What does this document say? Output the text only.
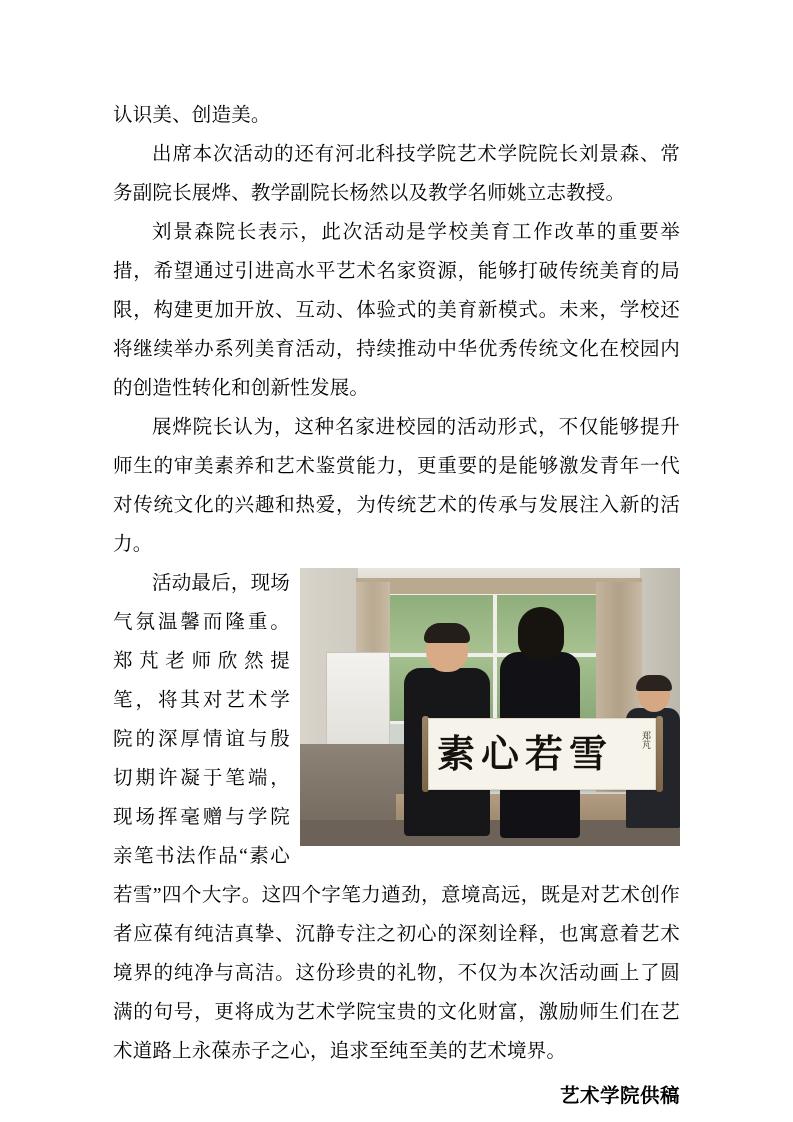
认识美、创造美。

出席本次活动的还有河北科技学院艺术学院院长刘景森、常务副院长展烨、教学副院长杨然以及教学名师姚立志教授。

刘景森院长表示，此次活动是学校美育工作改革的重要举措，希望通过引进高水平艺术名家资源，能够打破传统美育的局限，构建更加开放、互动、体验式的美育新模式。未来，学校还将继续举办系列美育活动，持续推动中华优秀传统文化在校园内的创造性转化和创新性发展。

展烨院长认为，这种名家进校园的活动形式，不仅能够提升师生的审美素养和艺术鉴赏能力，更重要的是能够激发青年一代对传统文化的兴趣和热爱，为传统艺术的传承与发展注入新的活力。

素心若雪	郑芃
活动最后，现场气氛温馨而隆重。郑芃老师欣然提笔，将其对艺术学院的深厚情谊与殷切期许凝于笔端，现场挥毫赠与学院亲笔书法作品“素心若雪”四个大字。这四个字笔力遒劲，意境高远，既是对艺术创作者应葆有纯洁真挚、沉静专注之初心的深刻诠释，也寓意着艺术境界的纯净与高洁。这份珍贵的礼物，不仅为本次活动画上了圆满的句号，更将成为艺术学院宝贵的文化财富，激励师生们在艺术道路上永葆赤子之心，追求至纯至美的艺术境界。
艺术学院供稿
